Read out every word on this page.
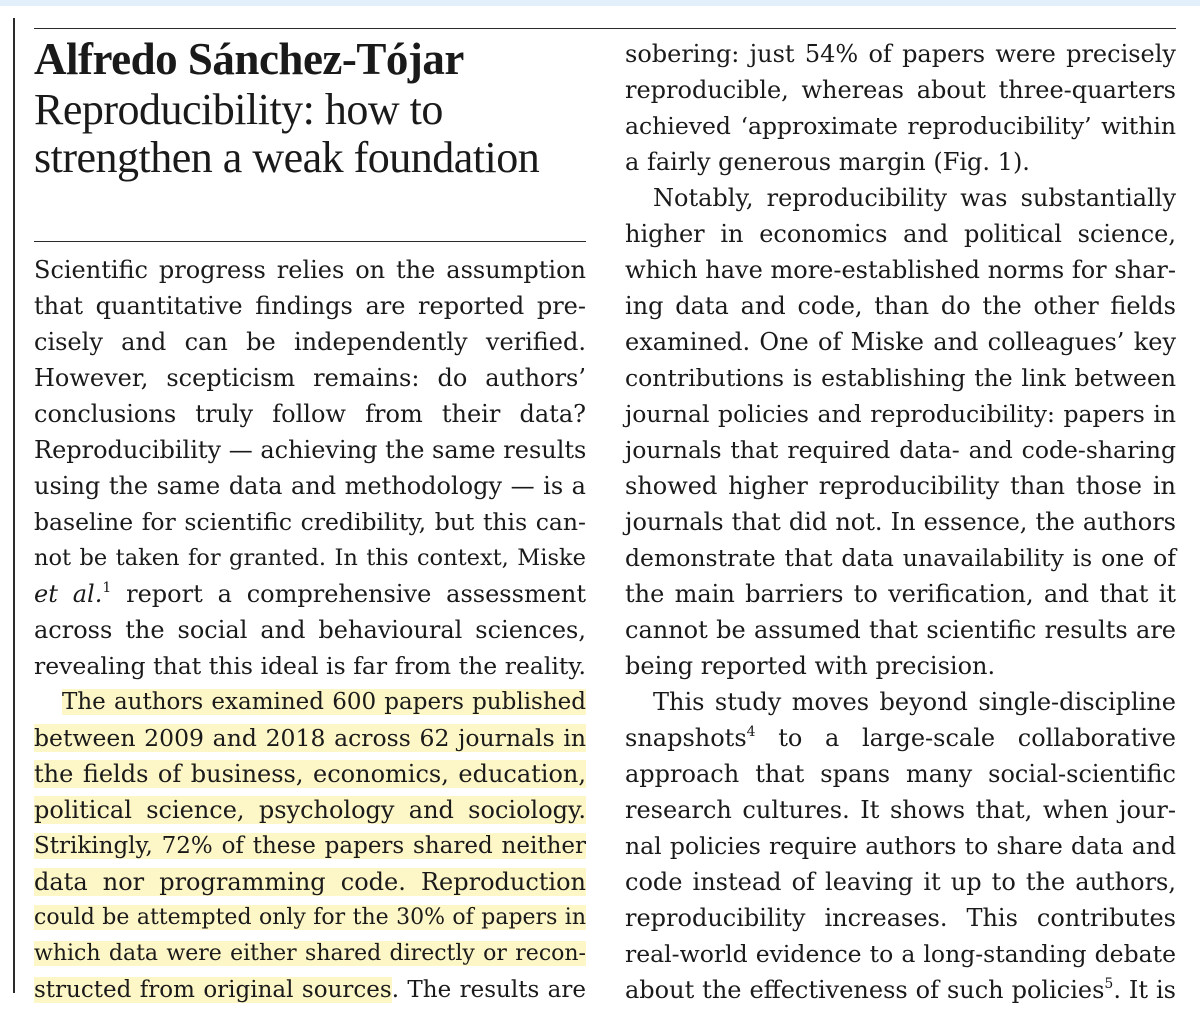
Alfredo Sánchez-Tójar
Reproducibility: how to
strengthen a weak foundation
Scientific progress relies on the assumption
that quantitative findings are reported pre-
cisely and can be independently verified.
However, scepticism remains: do authors’
conclusions truly follow from their data?
Reproducibility — achieving the same results
using the same data and methodology — is a
baseline for scientific credibility, but this can-
not be taken for granted. In this context, Miske
et al.$^1$ report a comprehensive assessment
across the social and behavioural sciences,
revealing that this ideal is far from the reality.
The authors examined 600 papers published
between 2009 and 2018 across 62 journals in
the fields of business, economics, education,
political science, psychology and sociology.
Strikingly, 72% of these papers shared neither
data nor programming code. Reproduction
could be attempted only for the 30% of papers in
which data were either shared directly or recon-
structed from original sources. The results are
sobering: just 54% of papers were precisely
reproducible, whereas about three-quarters
achieved ‘approximate reproducibility’ within
a fairly generous margin (Fig. 1).
Notably, reproducibility was substantially
higher in economics and political science,
which have more-established norms for shar-
ing data and code, than do the other fields
examined. One of Miske and colleagues’ key
contributions is establishing the link between
journal policies and reproducibility: papers in
journals that required data- and code-sharing
showed higher reproducibility than those in
journals that did not. In essence, the authors
demonstrate that data unavailability is one of
the main barriers to verification, and that it
cannot be assumed that scientific results are
being reported with precision.
This study moves beyond single-discipline
snapshots$^4$ to a large-scale collaborative
approach that spans many social-scientific
research cultures. It shows that, when jour-
nal policies require authors to share data and
code instead of leaving it up to the authors,
reproducibility increases. This contributes
real-world evidence to a long-standing debate
about the effectiveness of such policies$^5$. It is
